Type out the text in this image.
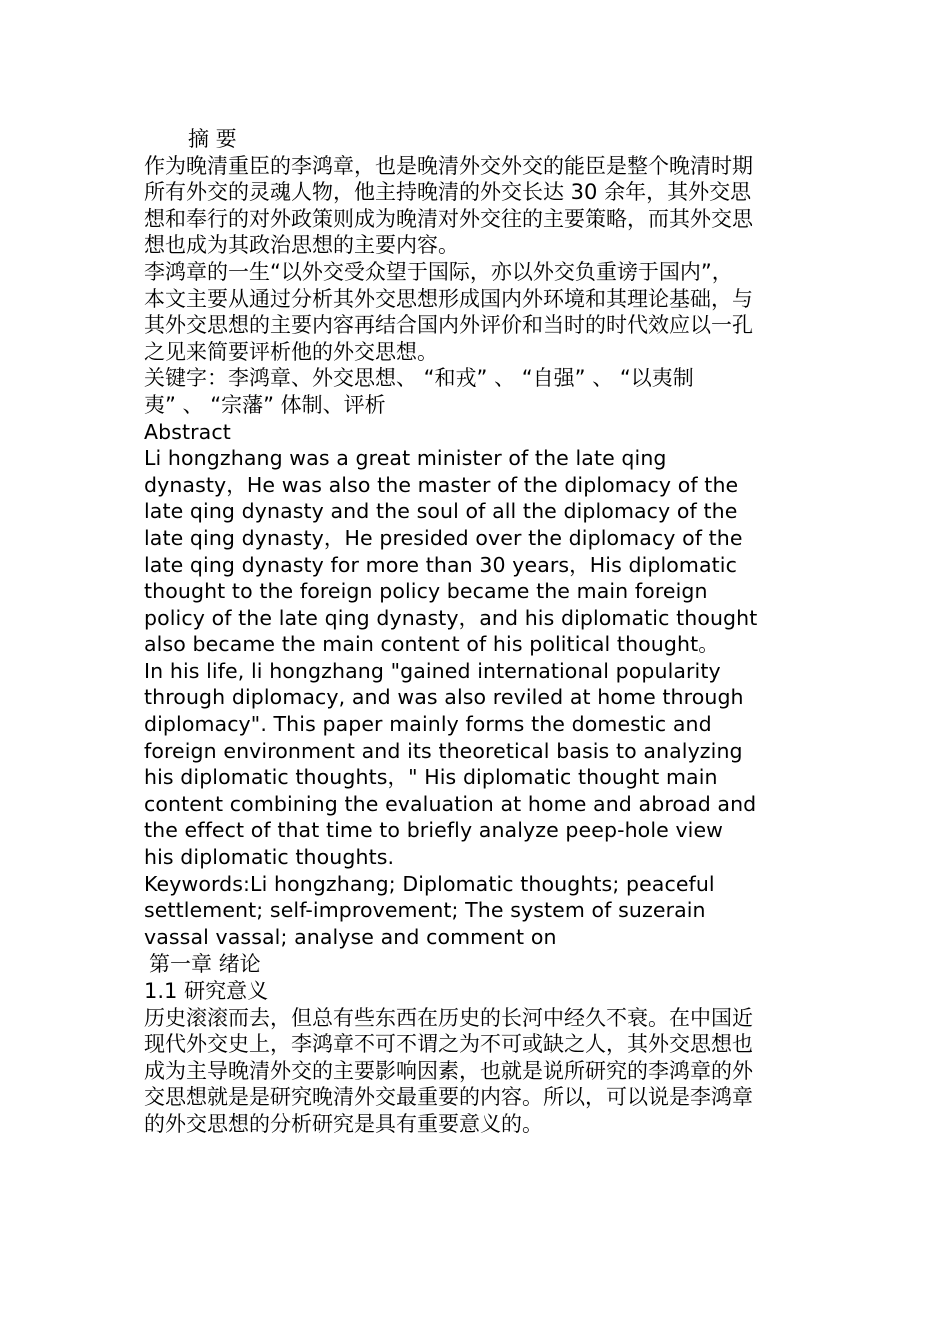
摘 要
作为晚清重臣的李鸿章，也是晚清外交外交的能臣是整个晚清时期
所有外交的灵魂人物，他主持晚清的外交长达 30 余年，其外交思
想和奉行的对外政策则成为晚清对外交往的主要策略，而其外交思
想也成为其政治思想的主要内容。
李鸿章的一生“以外交受众望于国际，亦以外交负重谤于国内”，
本文主要从通过分析其外交思想形成国内外环境和其理论基础，与
其外交思想的主要内容再结合国内外评价和当时的时代效应以一孔
之见来简要评析他的外交思想。
关键字：李鸿章、外交思想、 “和戎” 、 “自强” 、 “以夷制
夷” 、 “宗藩” 体制、评析
Abstract
Li hongzhang was a great minister of the late qing
dynasty，He was also the master of the diplomacy of the
late qing dynasty and the soul of all the diplomacy of the
late qing dynasty，He presided over the diplomacy of the
late qing dynasty for more than 30 years，His diplomatic
thought to the foreign policy became the main foreign
policy of the late qing dynasty，and his diplomatic thought
also became the main content of his political thought。
In his life, li hongzhang "gained international popularity
through diplomacy, and was also reviled at home through
diplomacy". This paper mainly forms the domestic and
foreign environment and its theoretical basis to analyzing
his diplomatic thoughts，" His diplomatic thought main
content combining the evaluation at home and abroad and
the effect of that time to briefly analyze peep-hole view
his diplomatic thoughts.
Keywords:Li hongzhang; Diplomatic thoughts; peaceful
settlement; self-improvement; The system of suzerain
vassal vassal; analyse and comment on
第一章 绪论
1.1 研究意义
历史滚滚而去，但总有些东西在历史的长河中经久不衰。在中国近
现代外交史上，李鸿章不可不谓之为不可或缺之人，其外交思想也
成为主导晚清外交的主要影响因素，也就是说所研究的李鸿章的外
交思想就是是研究晚清外交最重要的内容。所以，可以说是李鸿章
的外交思想的分析研究是具有重要意义的。
